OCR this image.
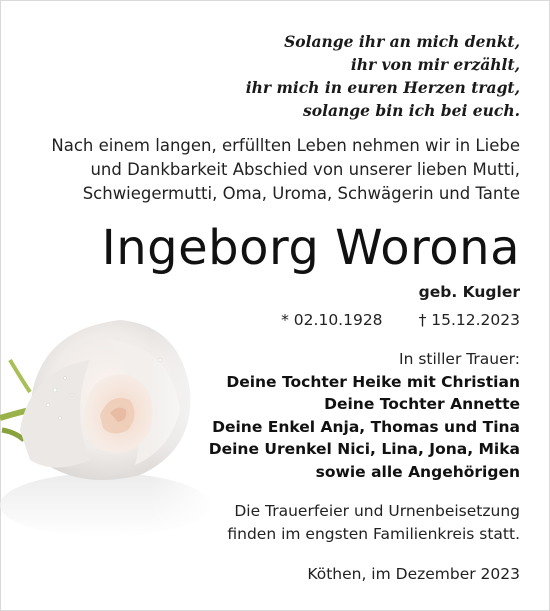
Solange ihr an mich denkt,
ihr von mir erzählt,
ihr mich in euren Herzen tragt,
solange bin ich bei euch.
Nach einem langen, erfüllten Leben nehmen wir in Liebe
und Dankbarkeit Abschied von unserer lieben Mutti,
Schwiegermutti, Oma, Uroma, Schwägerin und Tante
Ingeborg Worona
geb. Kugler
* 02.10.1928 † 15.12.2023
In stiller Trauer:
Deine Tochter Heike mit Christian
Deine Tochter Annette
Deine Enkel Anja, Thomas und Tina
Deine Urenkel Nici, Lina, Jona, Mika
sowie alle Angehörigen
Die Trauerfeier und Urnenbeisetzung
finden im engsten Familienkreis statt.
Köthen, im Dezember 2023
